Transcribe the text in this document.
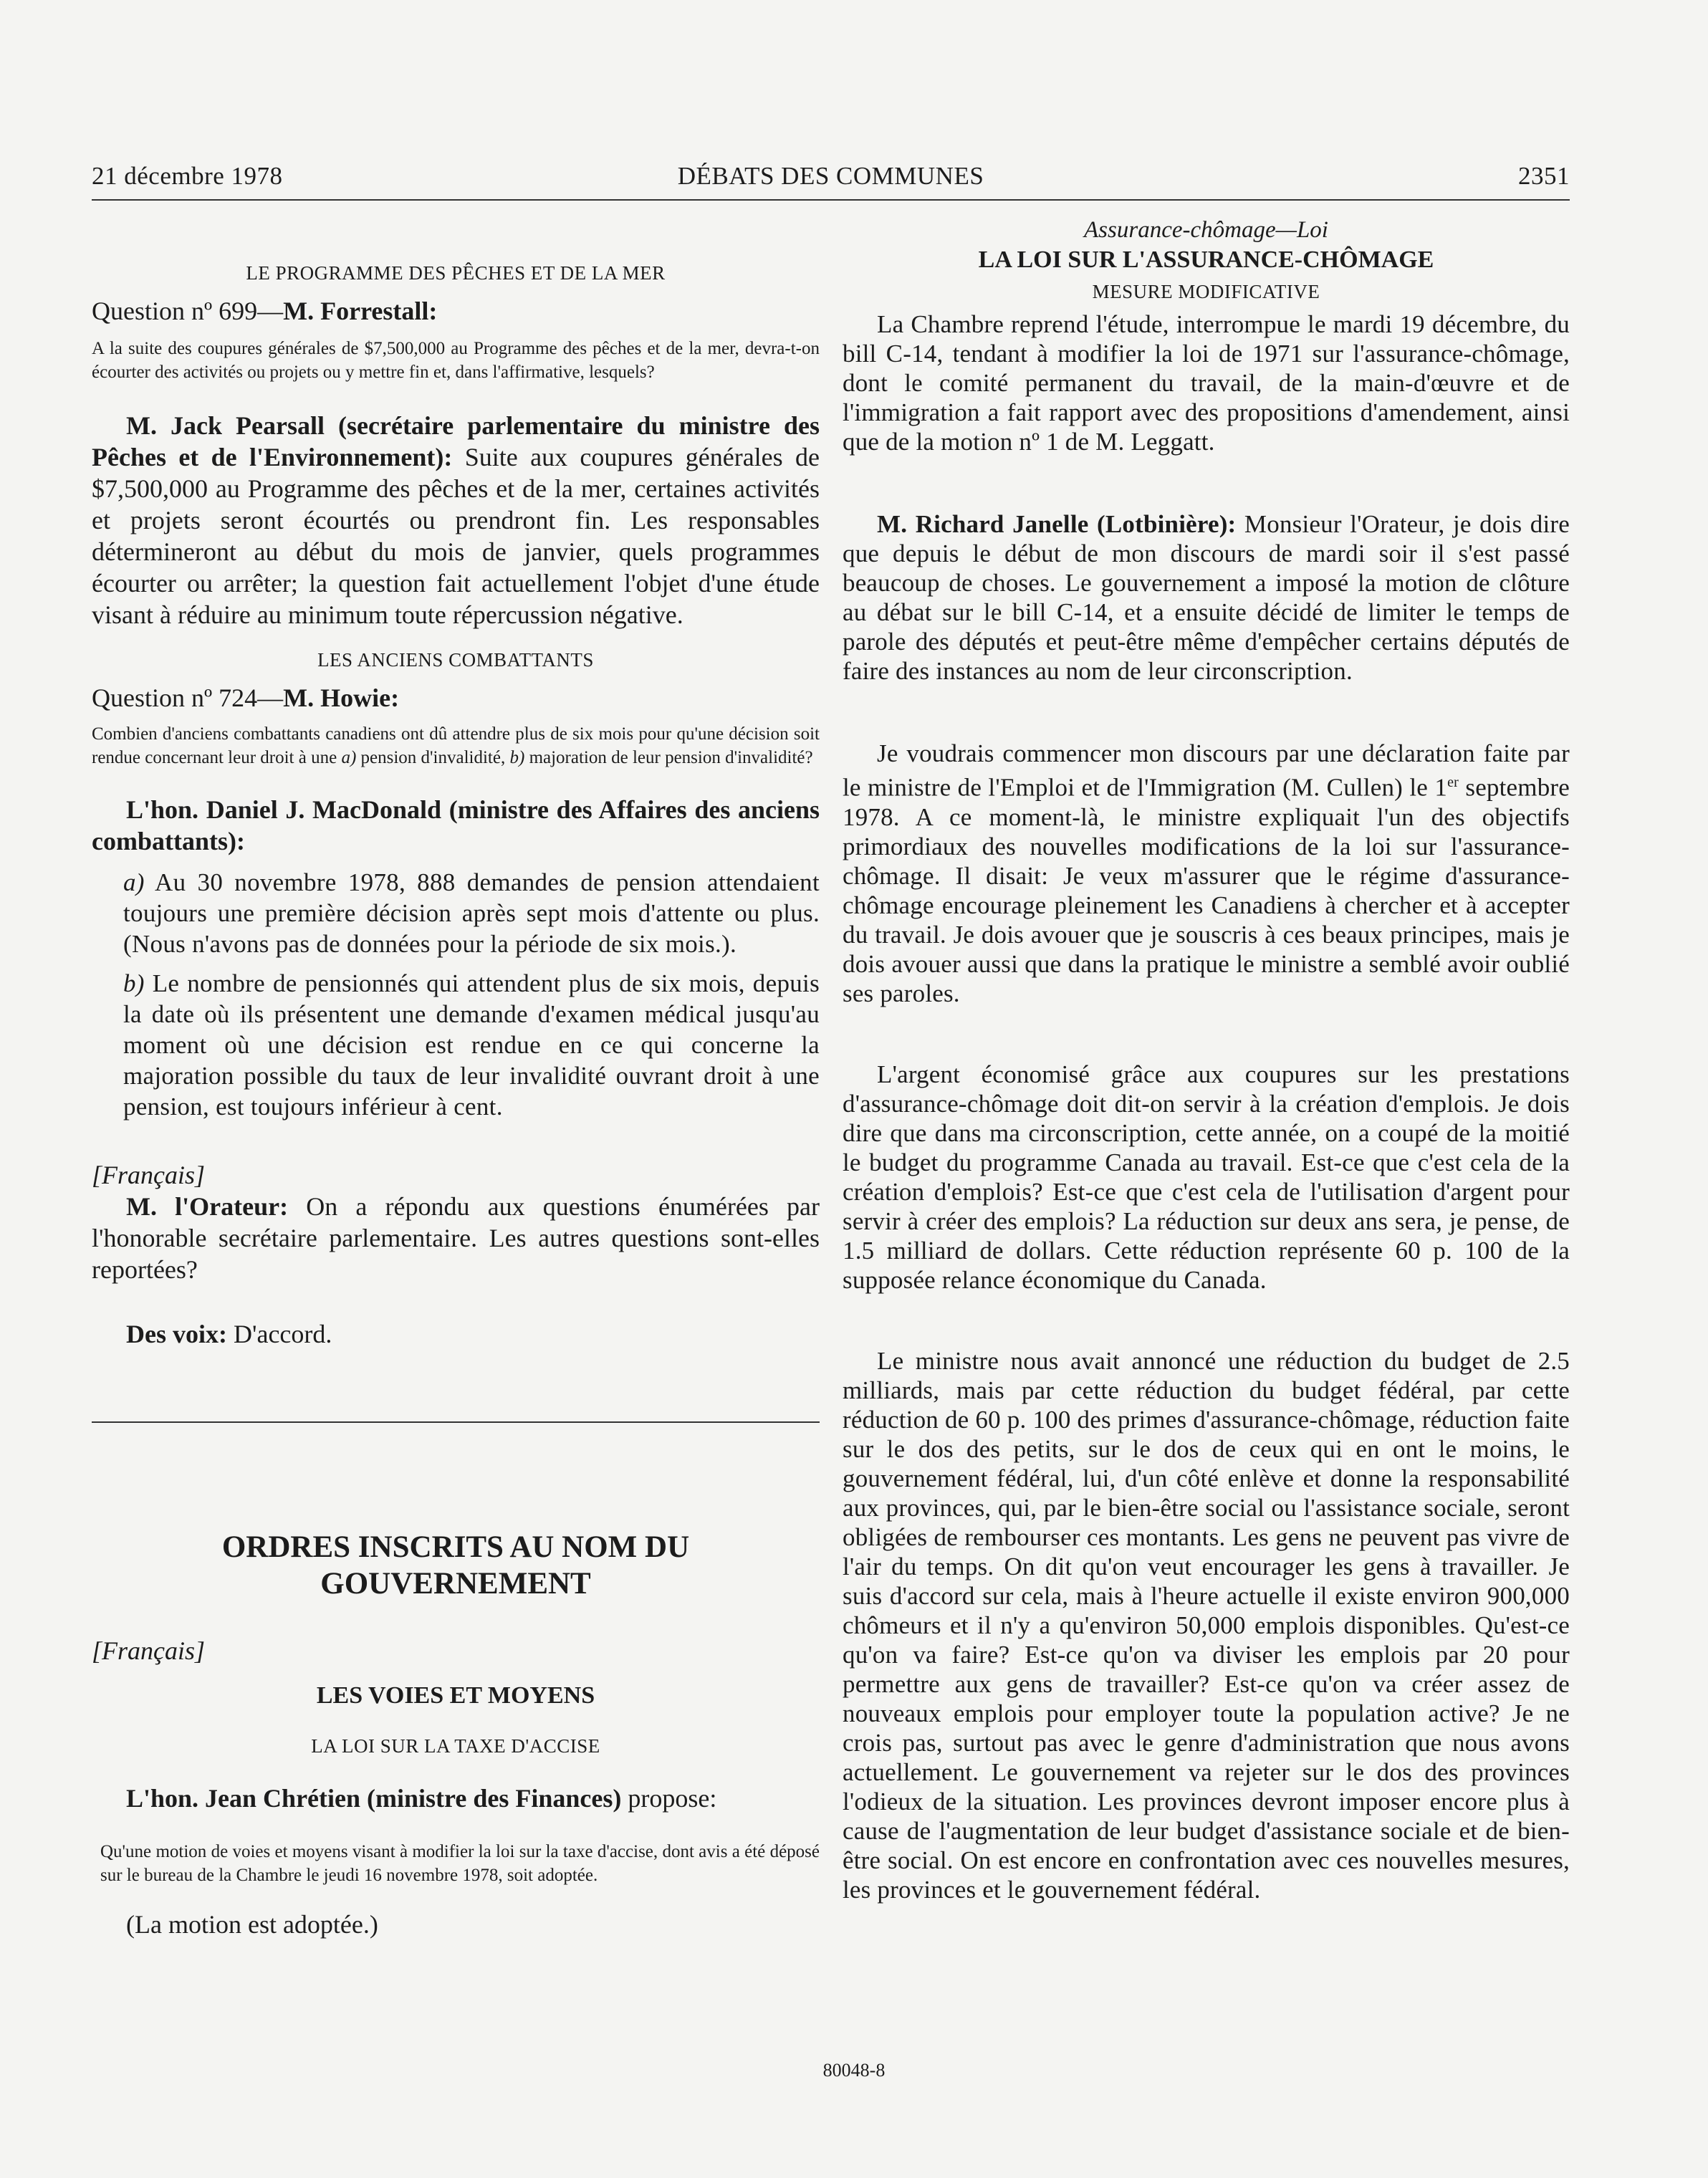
21 décembre 1978	DÉBATS DES COMMUNES	2351

LE PROGRAMME DES PÊCHES ET DE LA MER

Question nº 699—M. Forrestall:

A la suite des coupures générales de $7,500,000 au Programme des pêches et de la mer, devra-t-on écourter des activités ou projets ou y mettre fin et, dans l'affirmative, lesquels?

M. Jack Pearsall (secrétaire parlementaire du ministre des Pêches et de l'Environnement): Suite aux coupures générales de $7,500,000 au Programme des pêches et de la mer, certaines activités et projets seront écourtés ou prendront fin. Les responsables détermineront au début du mois de janvier, quels programmes écourter ou arrêter; la question fait actuellement l'objet d'une étude visant à réduire au minimum toute répercussion négative.

LES ANCIENS COMBATTANTS

Question nº 724—M. Howie:

Combien d'anciens combattants canadiens ont dû attendre plus de six mois pour qu'une décision soit rendue concernant leur droit à une a) pension d'invalidité, b) majoration de leur pension d'invalidité?

L'hon. Daniel J. MacDonald (ministre des Affaires des anciens combattants):

a) Au 30 novembre 1978, 888 demandes de pension attendaient toujours une première décision après sept mois d'attente ou plus. (Nous n'avons pas de données pour la période de six mois.).

b) Le nombre de pensionnés qui attendent plus de six mois, depuis la date où ils présentent une demande d'examen médical jusqu'au moment où une décision est rendue en ce qui concerne la majoration possible du taux de leur invalidité ouvrant droit à une pension, est toujours inférieur à cent.

[Français]

M. l'Orateur: On a répondu aux questions énumérées par l'honorable secrétaire parlementaire. Les autres questions sont-elles reportées?

Des voix: D'accord.

ORDRES INSCRITS AU NOM DU GOUVERNEMENT

[Français]

LES VOIES ET MOYENS

LA LOI SUR LA TAXE D'ACCISE

L'hon. Jean Chrétien (ministre des Finances) propose:

Qu'une motion de voies et moyens visant à modifier la loi sur la taxe d'accise, dont avis a été déposé sur le bureau de la Chambre le jeudi 16 novembre 1978, soit adoptée.

(La motion est adoptée.)

Assurance-chômage—Loi

LA LOI SUR L'ASSURANCE-CHÔMAGE

MESURE MODIFICATIVE

La Chambre reprend l'étude, interrompue le mardi 19 décembre, du bill C-14, tendant à modifier la loi de 1971 sur l'assurance-chômage, dont le comité permanent du travail, de la main-d'œuvre et de l'immigration a fait rapport avec des propositions d'amendement, ainsi que de la motion nº 1 de M. Leggatt.

M. Richard Janelle (Lotbinière): Monsieur l'Orateur, je dois dire que depuis le début de mon discours de mardi soir il s'est passé beaucoup de choses. Le gouvernement a imposé la motion de clôture au débat sur le bill C-14, et a ensuite décidé de limiter le temps de parole des députés et peut-être même d'empêcher certains députés de faire des instances au nom de leur circonscription.

Je voudrais commencer mon discours par une déclaration faite par le ministre de l'Emploi et de l'Immigration (M. Cullen) le 1er septembre 1978. A ce moment-là, le ministre expliquait l'un des objectifs primordiaux des nouvelles modifications de la loi sur l'assurance-chômage. Il disait: Je veux m'assurer que le régime d'assurance-chômage encourage pleinement les Canadiens à chercher et à accepter du travail. Je dois avouer que je souscris à ces beaux principes, mais je dois avouer aussi que dans la pratique le ministre a semblé avoir oublié ses paroles.

L'argent économisé grâce aux coupures sur les prestations d'assurance-chômage doit dit-on servir à la création d'emplois. Je dois dire que dans ma circonscription, cette année, on a coupé de la moitié le budget du programme Canada au travail. Est-ce que c'est cela de la création d'emplois? Est-ce que c'est cela de l'utilisation d'argent pour servir à créer des emplois? La réduction sur deux ans sera, je pense, de 1.5 milliard de dollars. Cette réduction représente 60 p. 100 de la supposée relance économique du Canada.

Le ministre nous avait annoncé une réduction du budget de 2.5 milliards, mais par cette réduction du budget fédéral, par cette réduction de 60 p. 100 des primes d'assurance-chômage, réduction faite sur le dos des petits, sur le dos de ceux qui en ont le moins, le gouvernement fédéral, lui, d'un côté enlève et donne la responsabilité aux provinces, qui, par le bien-être social ou l'assistance sociale, seront obligées de rembourser ces montants. Les gens ne peuvent pas vivre de l'air du temps. On dit qu'on veut encourager les gens à travailler. Je suis d'accord sur cela, mais à l'heure actuelle il existe environ 900,000 chômeurs et il n'y a qu'environ 50,000 emplois disponibles. Qu'est-ce qu'on va faire? Est-ce qu'on va diviser les emplois par 20 pour permettre aux gens de travailler? Est-ce qu'on va créer assez de nouveaux emplois pour employer toute la population active? Je ne crois pas, surtout pas avec le genre d'administration que nous avons actuellement. Le gouvernement va rejeter sur le dos des provinces l'odieux de la situation. Les provinces devront imposer encore plus à cause de l'augmentation de leur budget d'assistance sociale et de bien-être social. On est encore en confrontation avec ces nouvelles mesures, les provinces et le gouvernement fédéral.

80048-8
